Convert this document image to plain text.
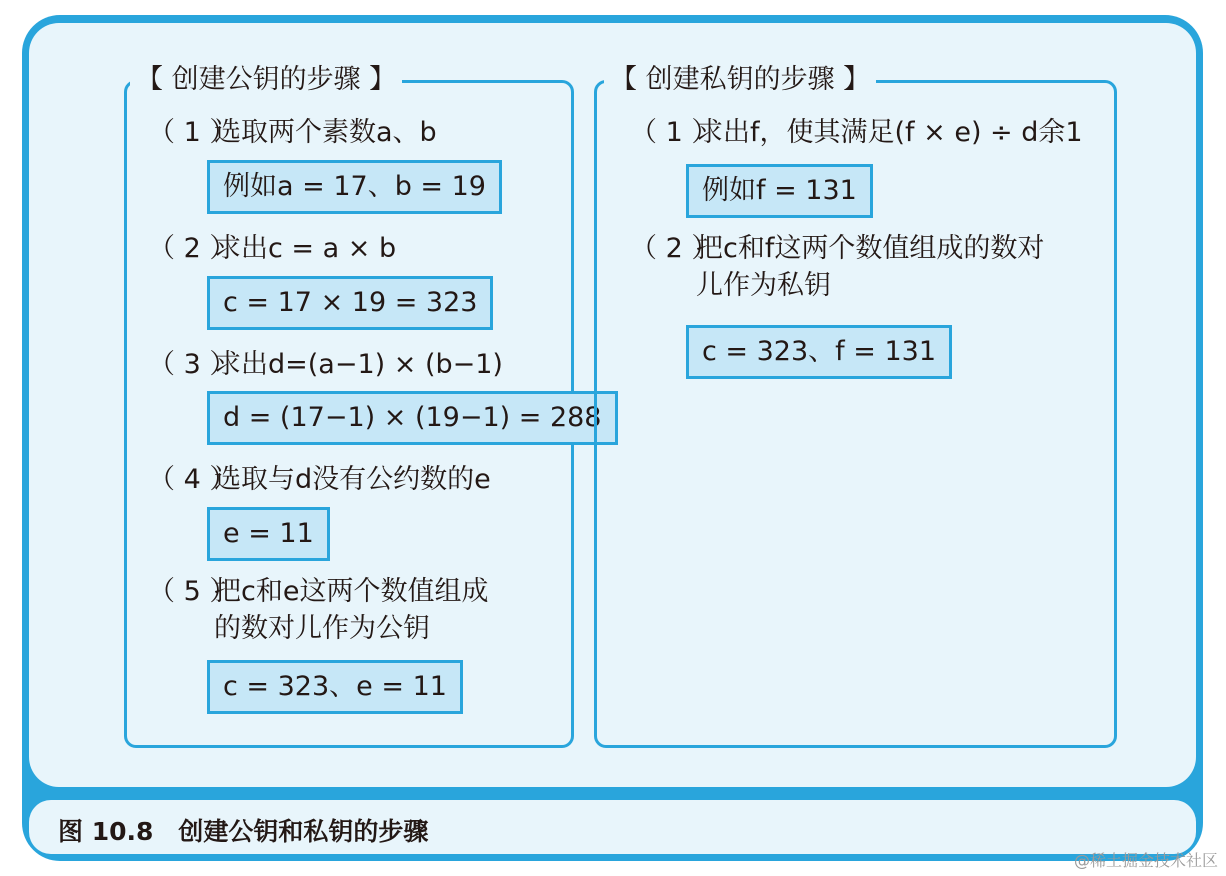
【 创建公钥的步骤 】
（ 1 ）选取两个素数a、b
例如a = 17、b = 19
（ 2 ）求出c = a × b
c = 17 × 19 = 323
（ 3 ）求出d=(a−1) × (b−1)
d = (17−1) × (19−1) = 288
（ 4 ）选取与d没有公约数的e
e = 11
（ 5 ）把c和e这两个数值组成
的数对儿作为公钥
c = 323、e = 11
【 创建私钥的步骤 】
（ 1 ）求出f，使其满足(f × e) ÷ d余1
例如f = 131
（ 2 ）把c和f这两个数值组成的数对
儿作为私钥
c = 323、f = 131
图 10.8　创建公钥和私钥的步骤
@稀土掘金技术社区
